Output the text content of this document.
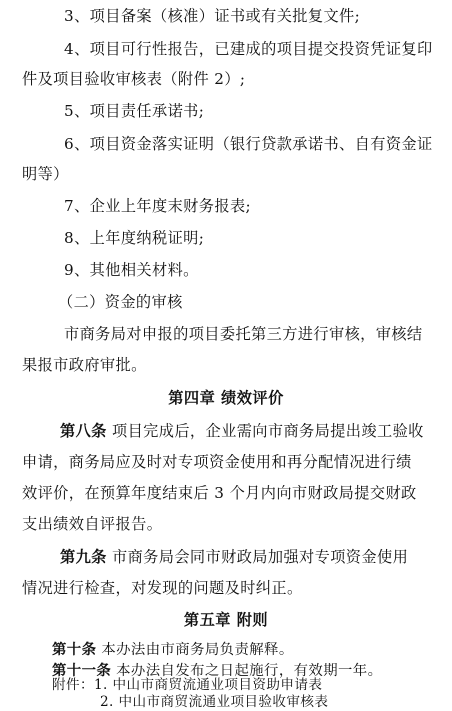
3、项目备案（核准）证书或有关批复文件;
4、项目可行性报告，已建成的项目提交投资凭证复印
件及项目验收审核表（附件 2）;
5、项目责任承诺书;
6、项目资金落实证明（银行贷款承诺书、自有资金证
明等）
7、企业上年度末财务报表;
8、上年度纳税证明;
9、其他相关材料。
（二）资金的审核
市商务局对申报的项目委托第三方进行审核，审核结
果报市政府审批。
第四章 绩效评价
第八条 项目完成后，企业需向市商务局提出竣工验收
申请，商务局应及时对专项资金使用和再分配情况进行绩
效评价，在预算年度结束后 3 个月内向市财政局提交财政
支出绩效自评报告。
第九条 市商务局会同市财政局加强对专项资金使用
情况进行检查，对发现的问题及时纠正。
第五章 附则
第十条 本办法由市商务局负责解释。
第十一条 本办法自发布之日起施行，有效期一年。
附件：1. 中山市商贸流通业项目资助申请表
2. 中山市商贸流通业项目验收审核表
